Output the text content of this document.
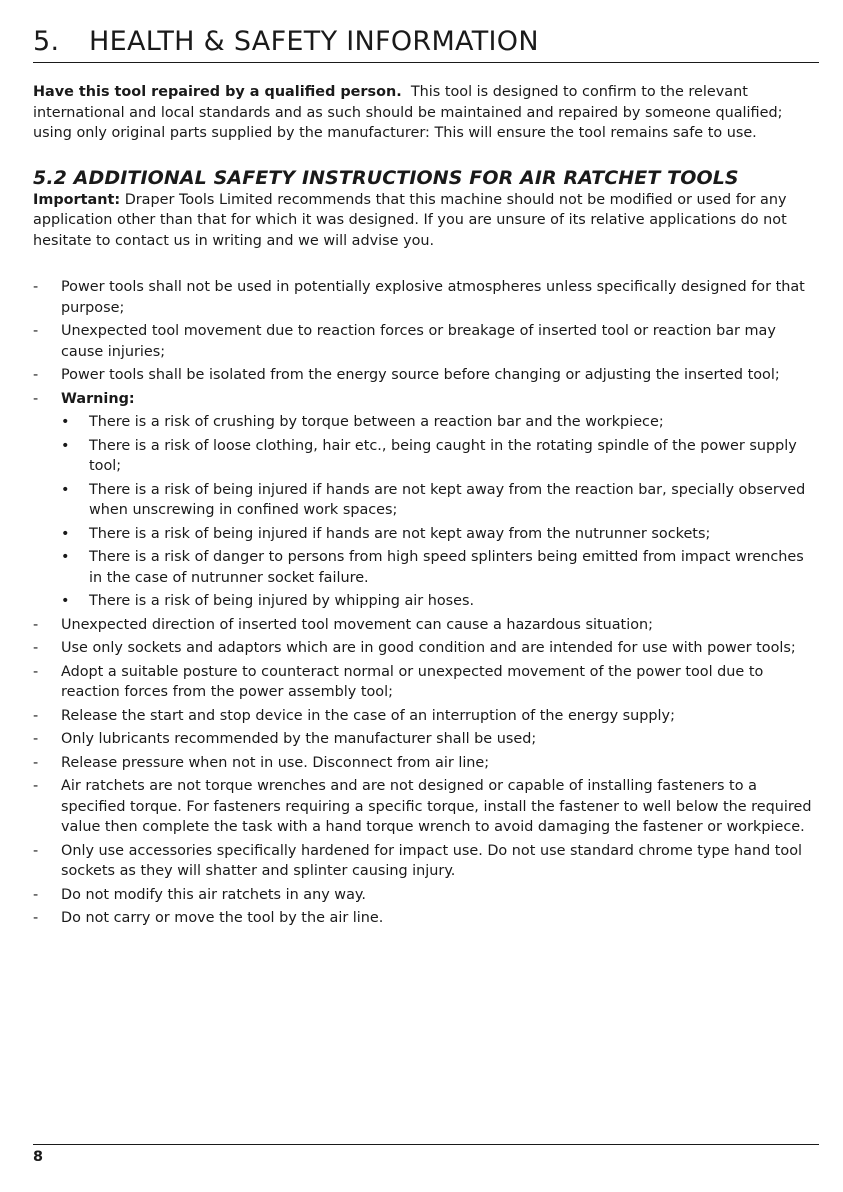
5.	HEALTH & SAFETY INFORMATION

Have this tool repaired by a qualified person. This tool is designed to confirm to the relevant international and local standards and as such should be maintained and repaired by someone qualified; using only original parts supplied by the manufacturer: This will ensure the tool remains safe to use.

5.2 ADDITIONAL SAFETY INSTRUCTIONS FOR AIR RATCHET TOOLS

Important: Draper Tools Limited recommends that this machine should not be modified or used for any application other than that for which it was designed. If you are unsure of its relative applications do not hesitate to contact us in writing and we will advise you.

- Power tools shall not be used in potentially explosive atmospheres unless specifically designed for that purpose;
- Unexpected tool movement due to reaction forces or breakage of inserted tool or reaction bar may cause injuries;
- Power tools shall be isolated from the energy source before changing or adjusting the inserted tool;
- Warning:
• There is a risk of crushing by torque between a reaction bar and the workpiece;
• There is a risk of loose clothing, hair etc., being caught in the rotating spindle of the power supply tool;
• There is a risk of being injured if hands are not kept away from the reaction bar, specially observed when unscrewing in confined work spaces;
• There is a risk of being injured if hands are not kept away from the nutrunner sockets;
• There is a risk of danger to persons from high speed splinters being emitted from impact wrenches in the case of nutrunner socket failure.
• There is a risk of being injured by whipping air hoses.
- Unexpected direction of inserted tool movement can cause a hazardous situation;
- Use only sockets and adaptors which are in good condition and are intended for use with power tools;
- Adopt a suitable posture to counteract normal or unexpected movement of the power tool due to reaction forces from the power assembly tool;
- Release the start and stop device in the case of an interruption of the energy supply;
- Only lubricants recommended by the manufacturer shall be used;
- Release pressure when not in use. Disconnect from air line;
- Air ratchets are not torque wrenches and are not designed or capable of installing fasteners to a specified torque. For fasteners requiring a specific torque, install the fastener to well below the required value then complete the task with a hand torque wrench to avoid damaging the fastener or workpiece.
- Only use accessories specifically hardened for impact use. Do not use standard chrome type hand tool sockets as they will shatter and splinter causing injury.
- Do not modify this air ratchets in any way.
- Do not carry or move the tool by the air line.
8
